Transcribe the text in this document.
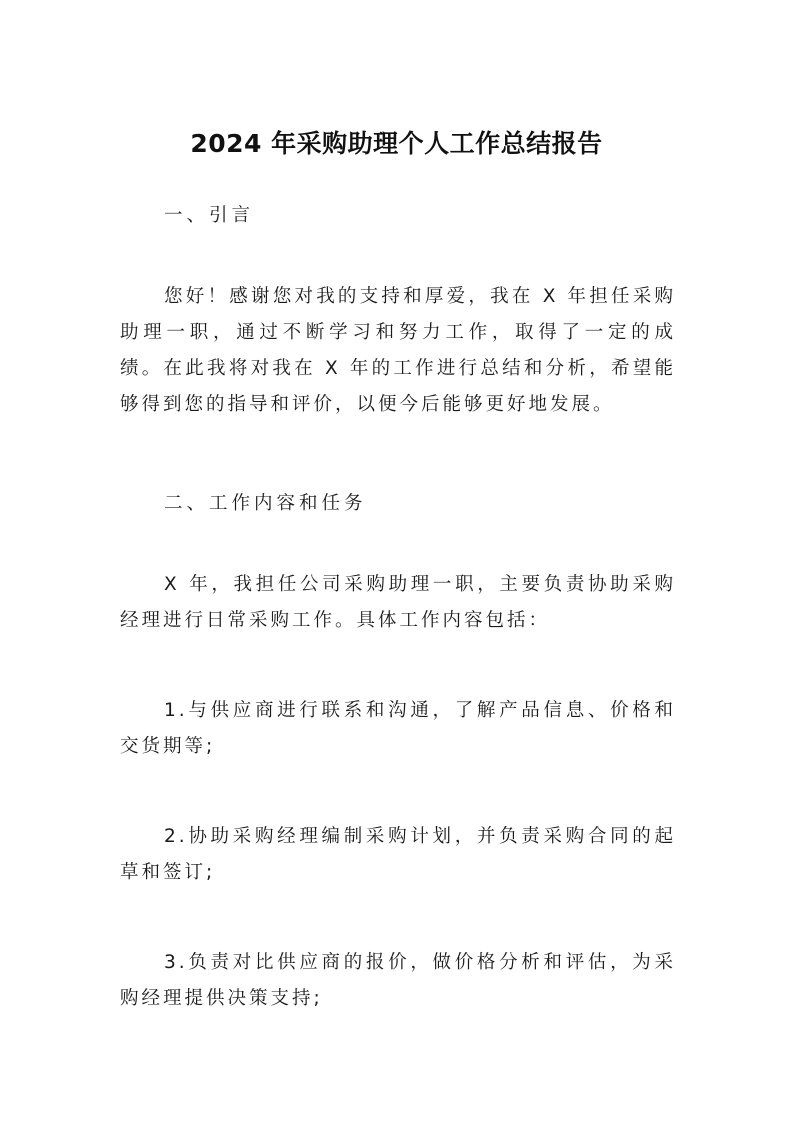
2024 年采购助理个人工作总结报告

一、引言

您好！感谢您对我的支持和厚爱，我在 X 年担任采购助理一职，通过不断学习和努力工作，取得了一定的成绩。在此我将对我在 X 年的工作进行总结和分析，希望能够得到您的指导和评价，以便今后能够更好地发展。

二、工作内容和任务

X 年，我担任公司采购助理一职，主要负责协助采购经理进行日常采购工作。具体工作内容包括：

1.与供应商进行联系和沟通，了解产品信息、价格和交货期等;

2.协助采购经理编制采购计划，并负责采购合同的起草和签订;

3.负责对比供应商的报价，做价格分析和评估，为采购经理提供决策支持;
